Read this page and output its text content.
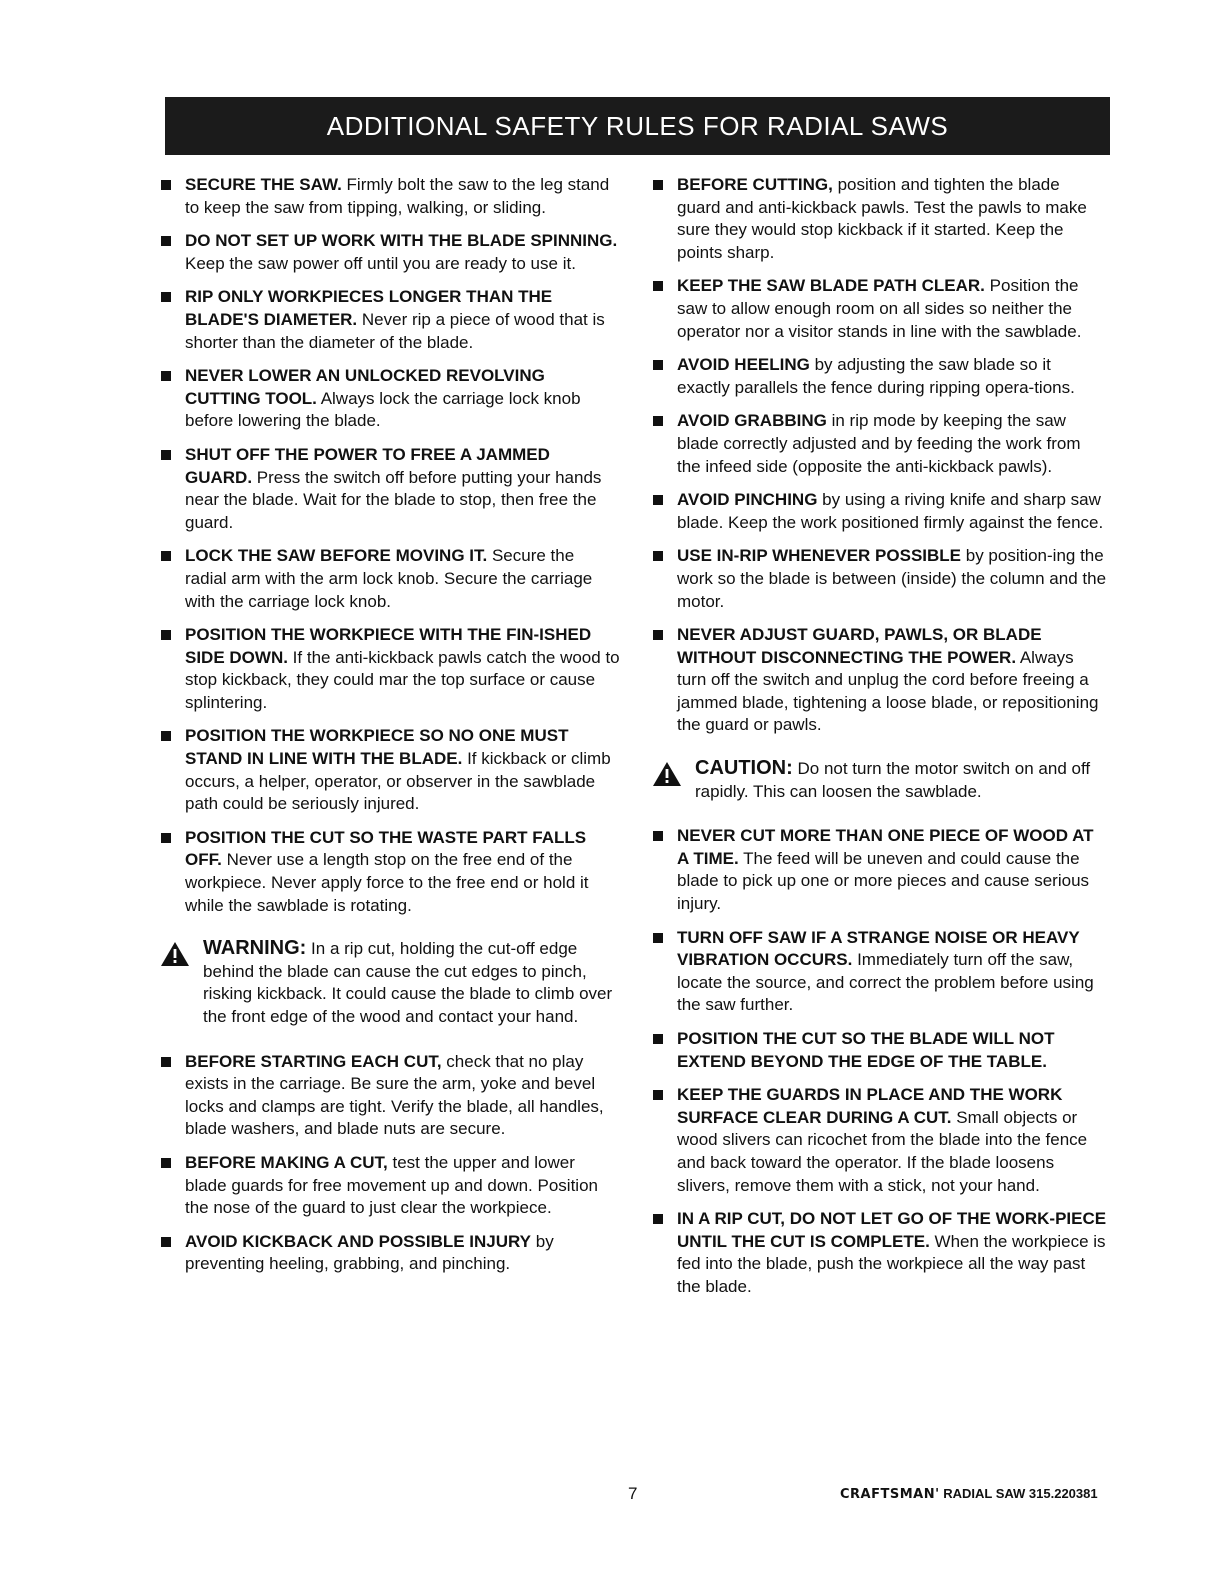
ADDITIONAL SAFETY RULES FOR RADIAL SAWS
SECURE THE SAW. Firmly bolt the saw to the leg stand to keep the saw from tipping, walking, or sliding.
DO NOT SET UP WORK WITH THE BLADE SPINNING. Keep the saw power off until you are ready to use it.
RIP ONLY WORKPIECES LONGER THAN THE BLADE'S DIAMETER. Never rip a piece of wood that is shorter than the diameter of the blade.
NEVER LOWER AN UNLOCKED REVOLVING CUTTING TOOL. Always lock the carriage lock knob before lowering the blade.
SHUT OFF THE POWER TO FREE A JAMMED GUARD. Press the switch off before putting your hands near the blade. Wait for the blade to stop, then free the guard.
LOCK THE SAW BEFORE MOVING IT. Secure the radial arm with the arm lock knob. Secure the carriage with the carriage lock knob.
POSITION THE WORKPIECE WITH THE FIN-ISHED SIDE DOWN. If the anti-kickback pawls catch the wood to stop kickback, they could mar the top surface or cause splintering.
POSITION THE WORKPIECE SO NO ONE MUST STAND IN LINE WITH THE BLADE. If kickback or climb occurs, a helper, operator, or observer in the sawblade path could be seriously injured.
POSITION THE CUT SO THE WASTE PART FALLS OFF. Never use a length stop on the free end of the workpiece. Never apply force to the free end or hold it while the sawblade is rotating.
WARNING: In a rip cut, holding the cut-off edge behind the blade can cause the cut edges to pinch, risking kickback. It could cause the blade to climb over the front edge of the wood and contact your hand.
BEFORE STARTING EACH CUT, check that no play exists in the carriage. Be sure the arm, yoke and bevel locks and clamps are tight. Verify the blade, all handles, blade washers, and blade nuts are secure.
BEFORE MAKING A CUT, test the upper and lower blade guards for free movement up and down. Position the nose of the guard to just clear the workpiece.
AVOID KICKBACK AND POSSIBLE INJURY by preventing heeling, grabbing, and pinching.
BEFORE CUTTING, position and tighten the blade guard and anti-kickback pawls. Test the pawls to make sure they would stop kickback if it started. Keep the points sharp.
KEEP THE SAW BLADE PATH CLEAR. Position the saw to allow enough room on all sides so neither the operator nor a visitor stands in line with the sawblade.
AVOID HEELING by adjusting the saw blade so it exactly parallels the fence during ripping opera-tions.
AVOID GRABBING in rip mode by keeping the saw blade correctly adjusted and by feeding the work from the infeed side (opposite the anti-kickback pawls).
AVOID PINCHING by using a riving knife and sharp saw blade. Keep the work positioned firmly against the fence.
USE IN-RIP WHENEVER POSSIBLE by position-ing the work so the blade is between (inside) the column and the motor.
NEVER ADJUST GUARD, PAWLS, OR BLADE WITHOUT DISCONNECTING THE POWER. Always turn off the switch and unplug the cord before freeing a jammed blade, tightening a loose blade, or repositioning the guard or pawls.
CAUTION: Do not turn the motor switch on and off rapidly. This can loosen the sawblade.
NEVER CUT MORE THAN ONE PIECE OF WOOD AT A TIME. The feed will be uneven and could cause the blade to pick up one or more pieces and cause serious injury.
TURN OFF SAW IF A STRANGE NOISE OR HEAVY VIBRATION OCCURS. Immediately turn off the saw, locate the source, and correct the problem before using the saw further.
POSITION THE CUT SO THE BLADE WILL NOT EXTEND BEYOND THE EDGE OF THE TABLE.
KEEP THE GUARDS IN PLACE AND THE WORK SURFACE CLEAR DURING A CUT. Small objects or wood slivers can ricochet from the blade into the fence and back toward the operator. If the blade loosens slivers, remove them with a stick, not your hand.
IN A RIP CUT, DO NOT LET GO OF THE WORK-PIECE UNTIL THE CUT IS COMPLETE. When the workpiece is fed into the blade, push the workpiece all the way past the blade.
7	CRAFTSMAN' RADIAL SAW 315.220381
